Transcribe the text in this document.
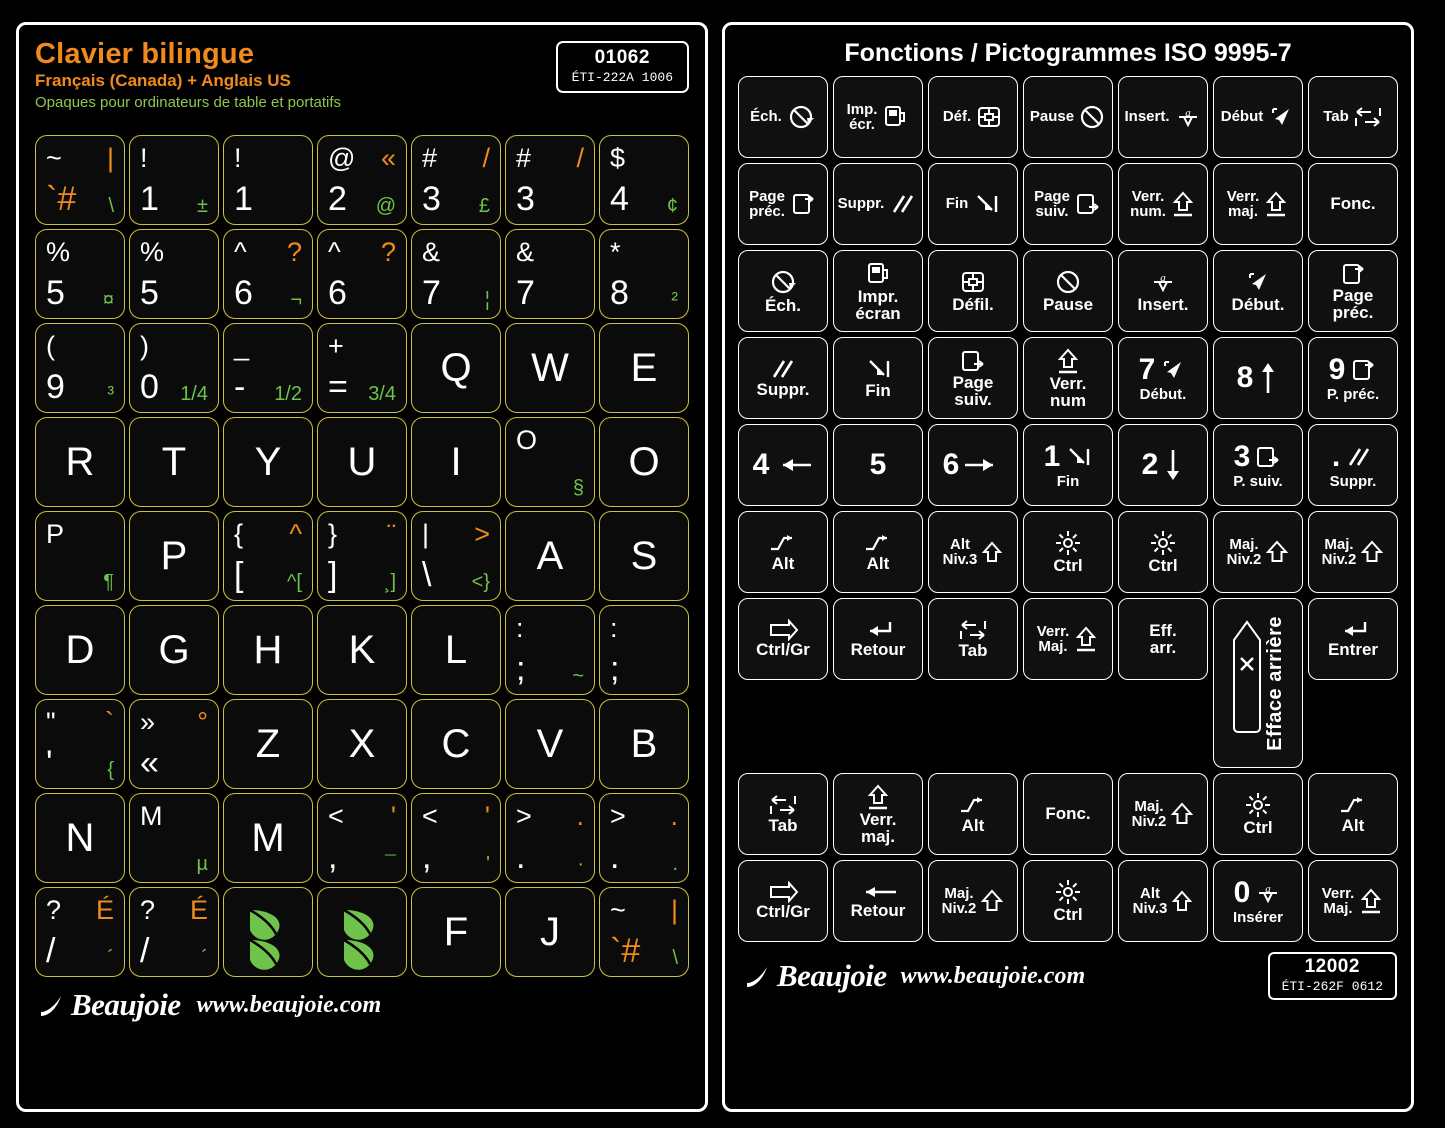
Clavier bilingue
Français (Canada) + Anglais US
Opaques pour ordinateurs de table et portatifs
01062
ÉTI-222A 1006
~ |
`# \
!
1 ±
!
1
@ «
2 @
# /
3 £
# /
3
$
4 ¢
%
5 ¤
%
5
^ ?
6 ¬
^ ?
6
&
7 ¦
&
7
*
8 ²
(
9 ³
)
0 1/4
_
- 1/2
+
= 3/4
Q W E
R T Y U I O
§
O
P
¶
P { ^
[ ^[
} ¨
] ¸]
| >
\ <}
A S
D G H K L :
; ~
:
;
" `
'	{
» °
« Z X C V B
N M
µ
M < '
, ¯
< '
,	'
> .
.	·
> .
.	.
? É
/	´
? É
/	´
F J ~ |
`# \
Beaujoie www.beaujoie.com
Fonctions / Pictogrammes ISO 9995-7
Éch.	Imp.
écr.	Déf.	Pause	Insert. a Début	Tab
Page
préc.	Suppr.	Fin	Page
suiv.
Verr.
num.
Verr.
maj.	Fonc.
Éch.
Impr.
écran	Défil.	Pause
a
Insert.	Début.
Page
préc.
Suppr.	Fin	Page
suiv.
Verr.
num
7
Début.
8	9
P. préc.
4	5 6	1
Fin
2	3
P. suiv.
.
Suppr.
Alt	Alt
Alt
Niv.3	Ctrl	Ctrl
Maj.
Niv.2
Maj.
Niv.2
Ctrl/Gr Retour	Tab
Verr.
Maj.
Eff.
arr.	Efface arrière Entrer
Tab	Verr.
maj.
Alt
Fonc.	Maj.
Niv.2	Ctrl	Alt
Ctrl/Gr Retour
Maj.
Niv.2	Ctrl
Alt
Niv.3 0 a
Insérer
Verr.
Maj.
Beaujoie www.beaujoie.com	12002
ÉTI-262F 0612
